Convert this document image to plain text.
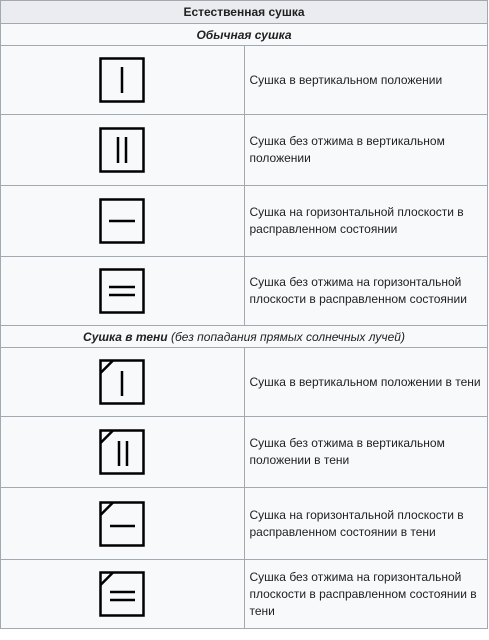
Естественная сушка	
Обычная сушка	

	Сушка в вертикальном положении

	Сушка без отжима в вертикальном положении

	Сушка на горизонтальной плоскости в расправленном состоянии

	Сушка без отжима на горизонтальной плоскости в расправленном состоянии
Сушка в тени (без попадания прямых солнечных лучей)	

	Сушка в вертикальном положении в тени

	Сушка без отжима в вертикальном положении в тени

	Сушка на горизонтальной плоскости в расправленном состоянии в тени

	Сушка без отжима на горизонтальной плоскости в расправленном состоянии в тени
